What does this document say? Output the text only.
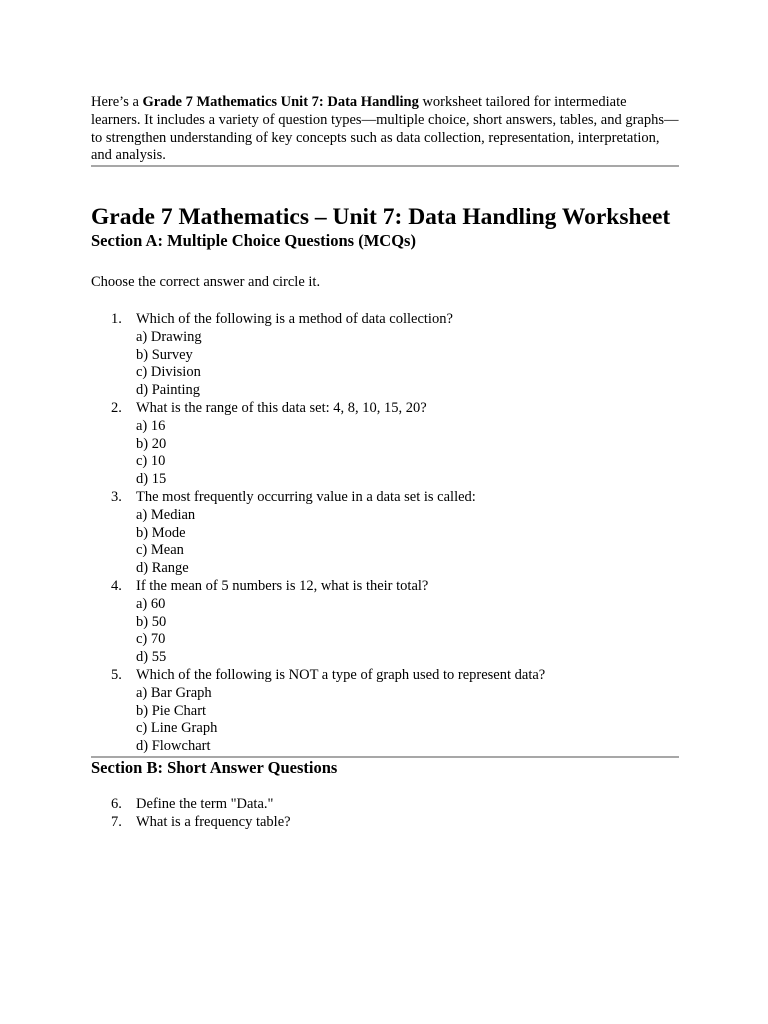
Here’s a Grade 7 Mathematics Unit 7: Data Handling worksheet tailored for intermediate learners. It includes a variety of question types—multiple choice, short answers, tables, and graphs—to strengthen understanding of key concepts such as data collection, representation, interpretation, and analysis.

Grade 7 Mathematics – Unit 7: Data Handling Worksheet
Section A: Multiple Choice Questions (MCQs)

Choose the correct answer and circle it.

1. Which of the following is a method of data collection?
a) Drawing
b) Survey
c) Division
d) Painting
2. What is the range of this data set: 4, 8, 10, 15, 20?
a) 16
b) 20
c) 10
d) 15
3. The most frequently occurring value in a data set is called:
a) Median
b) Mode
c) Mean
d) Range
4. If the mean of 5 numbers is 12, what is their total?
a) 60
b) 50
c) 70
d) 55
5. Which of the following is NOT a type of graph used to represent data?
a) Bar Graph
b) Pie Chart
c) Line Graph
d) Flowchart
Section B: Short Answer Questions
6. Define the term "Data."
7. What is a frequency table?
